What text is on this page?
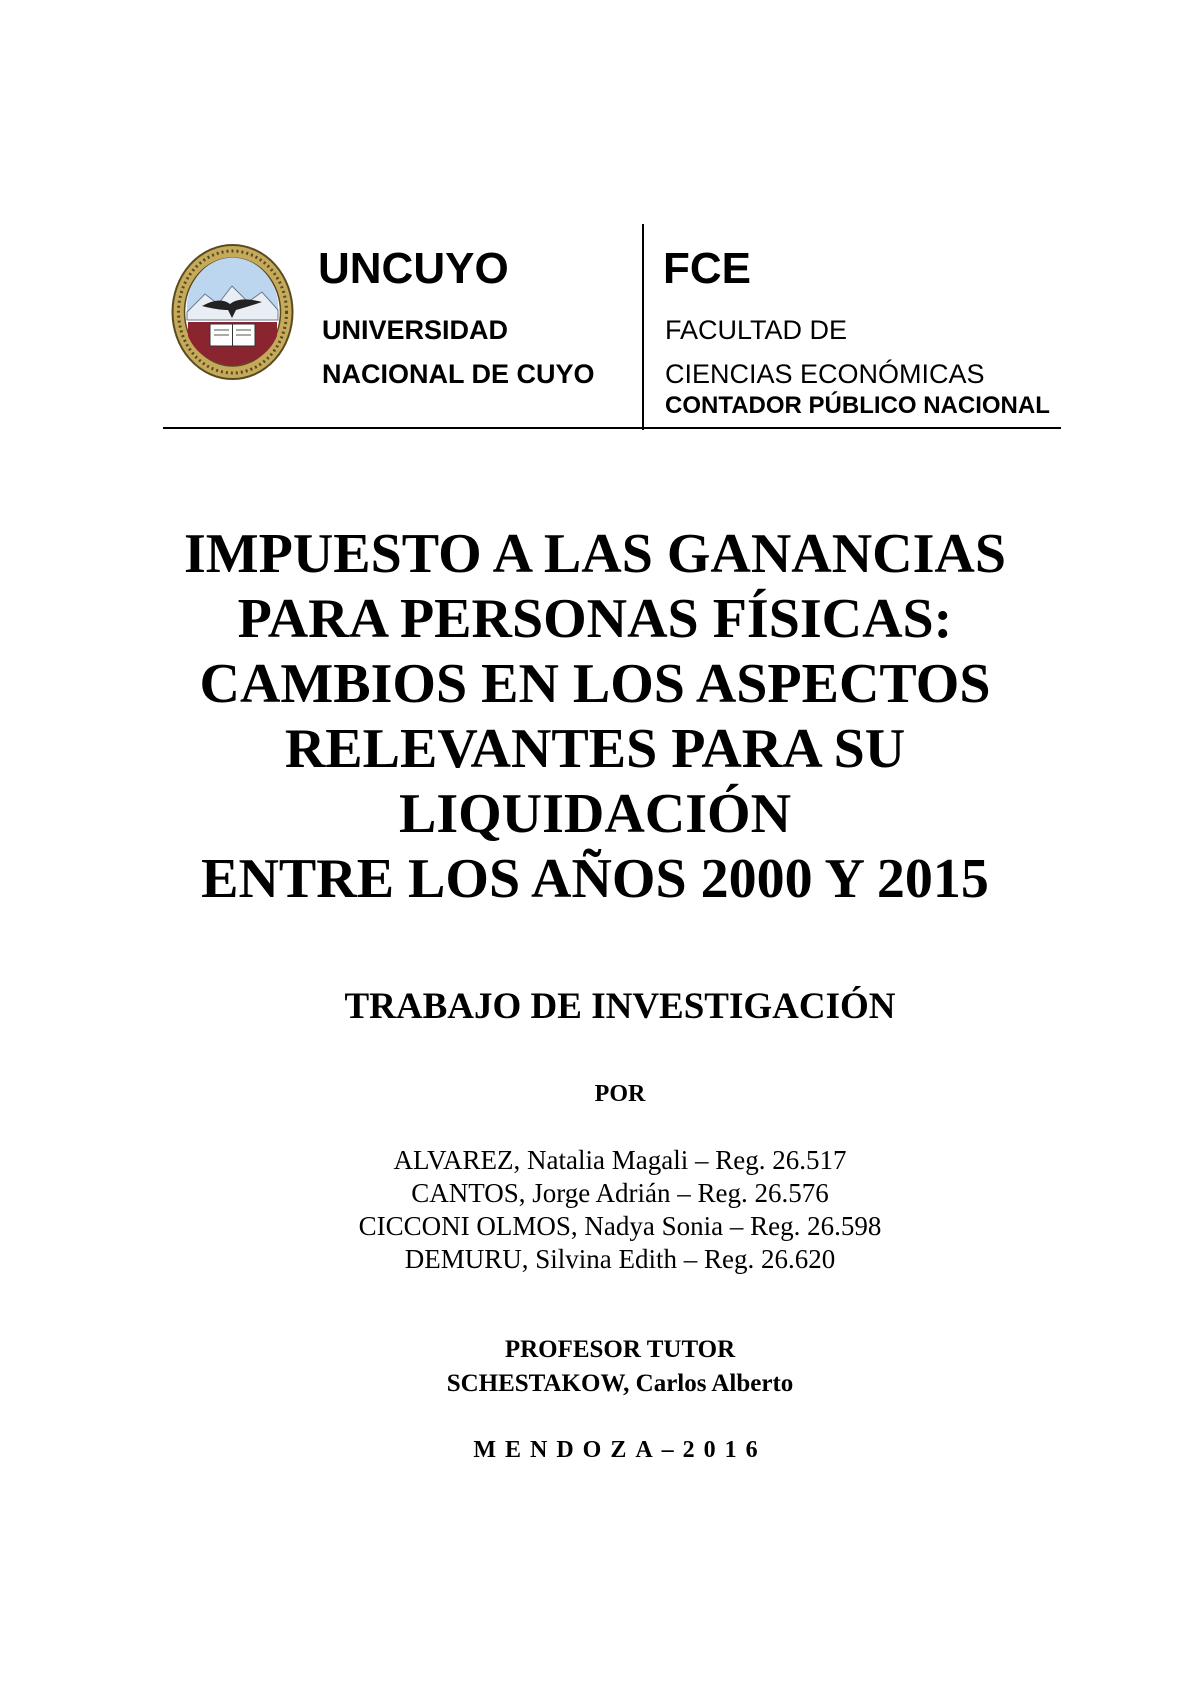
UNCUYO
UNIVERSIDAD
NACIONAL DE CUYO
FCE
FACULTAD DE
CIENCIAS ECONÓMICAS
CONTADOR PÚBLICO NACIONAL
IMPUESTO A LAS GANANCIAS
PARA PERSONAS FÍSICAS:
CAMBIOS EN LOS ASPECTOS
RELEVANTES PARA SU
LIQUIDACIÓN
ENTRE LOS AÑOS 2000 Y 2015
TRABAJO DE INVESTIGACIÓN
POR
ALVAREZ, Natalia Magali – Reg. 26.517
CANTOS, Jorge Adrián – Reg. 26.576
CICCONI OLMOS, Nadya Sonia – Reg. 26.598
DEMURU, Silvina Edith – Reg. 26.620
PROFESOR TUTOR
SCHESTAKOW, Carlos Alberto
MENDOZA–2016
